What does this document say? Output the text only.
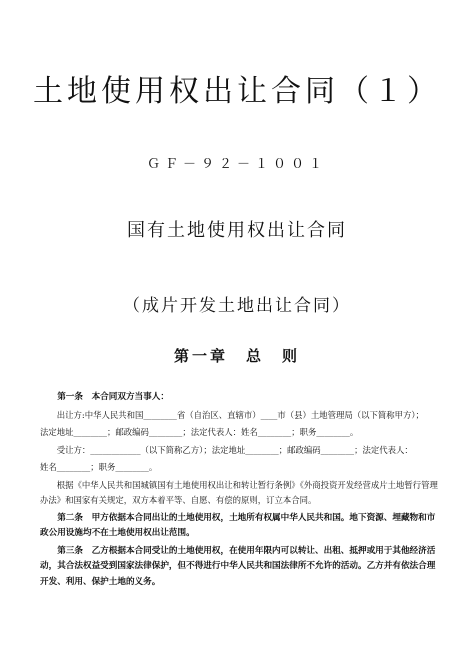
土地使用权出让合同（１）
ＧＦ－９２－１００１
国有土地使用权出让合同
（成片开发土地出让合同）
第一章　总　则

第一条　本合同双方当事人：

出让方:中华人民共和国________省（自治区、直辖市）____市（县）土地管理局（以下简称甲方）；

法定地址________；邮政编码________；法定代表人：姓名________；职务________。

受让方：____________（以下简称乙方）；法定地址________；邮政编码________；法定代表人：

姓名________；职务________。

根据《中华人民共和国城镇国有土地使用权出让和转让暂行条例》《外商投资开发经营成片土地暂行管理办法》和国家有关规定，双方本着平等、自愿、有偿的原则，订立本合同。

第二条　甲方依据本合同出让的土地使用权，土地所有权属中华人民共和国。地下资源、埋藏物和市政公用设施均不在土地使用权出让范围。

第三条　乙方根据本合同受让的土地使用权，在使用年限内可以转让、出租、抵押或用于其他经济活动，其合法权益受到国家法律保护，但不得进行中华人民共和国法律所不允许的活动。乙方并有依法合理开发、利用、保护土地的义务。
